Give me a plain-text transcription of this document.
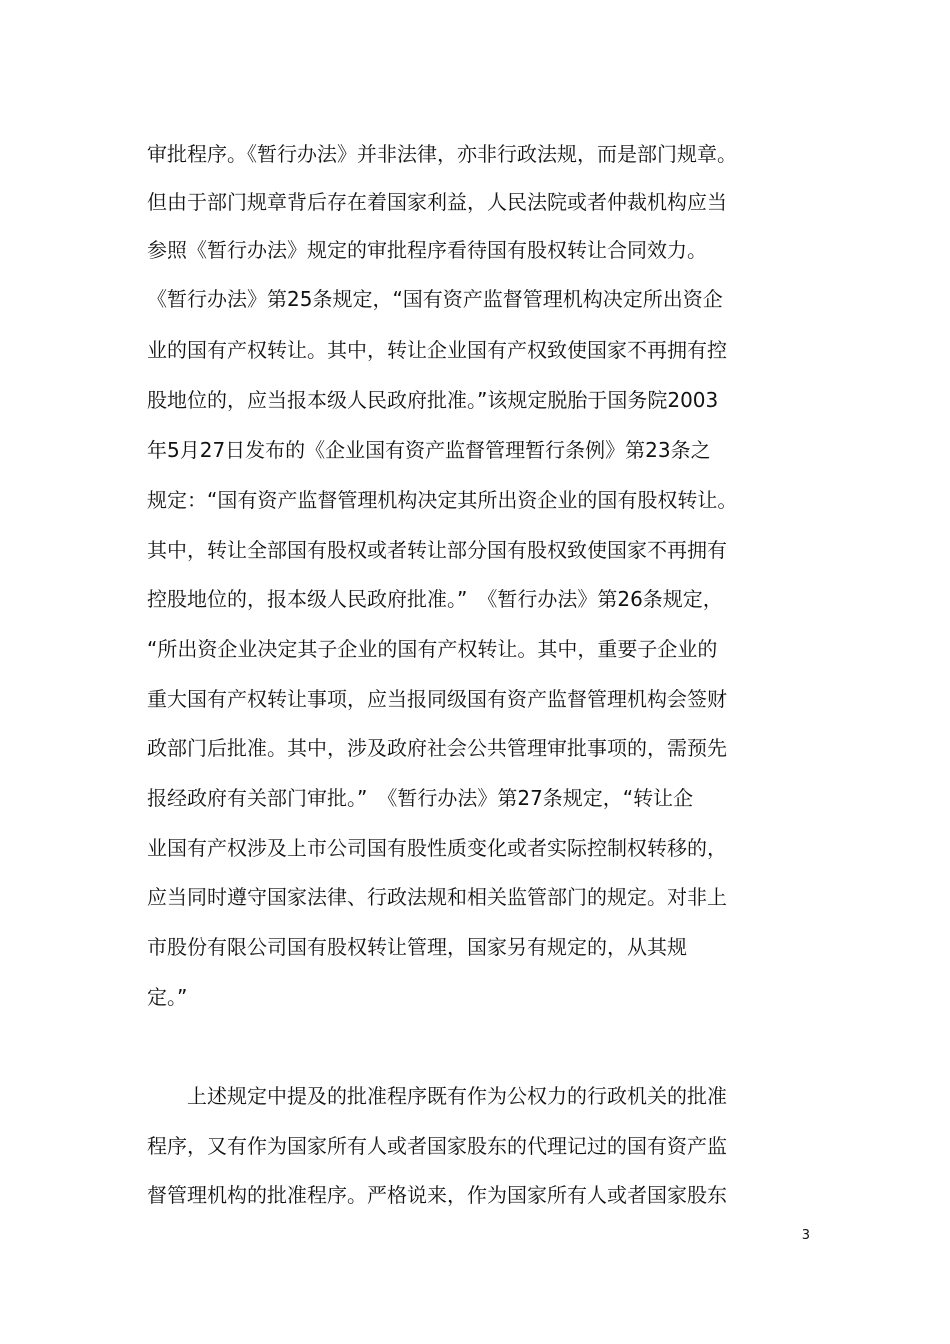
审批程序。《暂行办法》并非法律，亦非行政法规，而是部门规章。
但由于部门规章背后存在着国家利益，人民法院或者仲裁机构应当
参照《暂行办法》规定的审批程序看待国有股权转让合同效力。
《暂行办法》第25条规定，“国有资产监督管理机构决定所出资企
业的国有产权转让。其中，转让企业国有产权致使国家不再拥有控
股地位的，应当报本级人民政府批准。”该规定脱胎于国务院2003
年5月27日发布的《企业国有资产监督管理暂行条例》第23条之
规定：“国有资产监督管理机构决定其所出资企业的国有股权转让。
其中，转让全部国有股权或者转让部分国有股权致使国家不再拥有
控股地位的，报本级人民政府批准。”　《暂行办法》第26条规定，
“所出资企业决定其子企业的国有产权转让。其中，重要子企业的
重大国有产权转让事项，应当报同级国有资产监督管理机构会签财
政部门后批准。其中，涉及政府社会公共管理审批事项的，需预先
报经政府有关部门审批。”　《暂行办法》第27条规定，“转让企
业国有产权涉及上市公司国有股性质变化或者实际控制权转移的，
应当同时遵守国家法律、行政法规和相关监管部门的规定。对非上
市股份有限公司国有股权转让管理，国家另有规定的，从其规
定。”
　　上述规定中提及的批准程序既有作为公权力的行政机关的批准
程序，又有作为国家所有人或者国家股东的代理记过的国有资产监
督管理机构的批准程序。严格说来，作为国家所有人或者国家股东
3
